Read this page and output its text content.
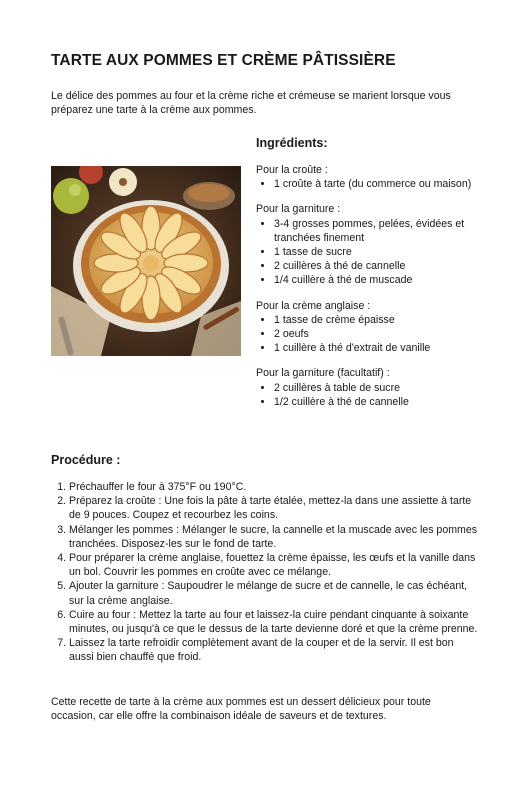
TARTE AUX POMMES ET CRÈME PÂTISSIÈRE

Le délice des pommes au four et la crème riche et crémeuse se marient lorsque vous préparez une tarte à la crème aux pommes.

Ingrédients:

Pour la croûte :

• 1 croûte à tarte (du commerce ou maison)

Pour la garniture :

• 3-4 grosses pommes, pelées, évidées et tranchées finement
• 1 tasse de sucre
• 2 cuillères à thé de cannelle
• 1/4 cuillère à thé de muscade

Pour la crème anglaise :

• 1 tasse de crème épaisse
• 2 oeufs
• 1 cuillère à thé d'extrait de vanille

Pour la garniture (facultatif) :

• 2 cuillères à table de sucre
• 1/2 cuillère à thé de cannelle
Procédure :
1. Préchauffer le four à 375°F ou 190°C.
2. Préparez la croûte : Une fois la pâte à tarte étalée, mettez-la dans une assiette à tarte de 9 pouces. Coupez et recourbez les coins.
3. Mélanger les pommes : Mélanger le sucre, la cannelle et la muscade avec les pommes tranchées. Disposez-les sur le fond de tarte.
4. Pour préparer la crème anglaise, fouettez la crème épaisse, les œufs et la vanille dans un bol. Couvrir les pommes en croûte avec ce mélange.
5. Ajouter la garniture : Saupoudrer le mélange de sucre et de cannelle, le cas échéant, sur la crème anglaise.
6. Cuire au four : Mettez la tarte au four et laissez-la cuire pendant cinquante à soixante minutes, ou jusqu'à ce que le dessus de la tarte devienne doré et que la crème prenne.
7. Laissez la tarte refroidir complètement avant de la couper et de la servir. Il est bon aussi bien chauffé que froid.

Cette recette de tarte à la crème aux pommes est un dessert délicieux pour toute occasion, car elle offre la combinaison idéale de saveurs et de textures.
